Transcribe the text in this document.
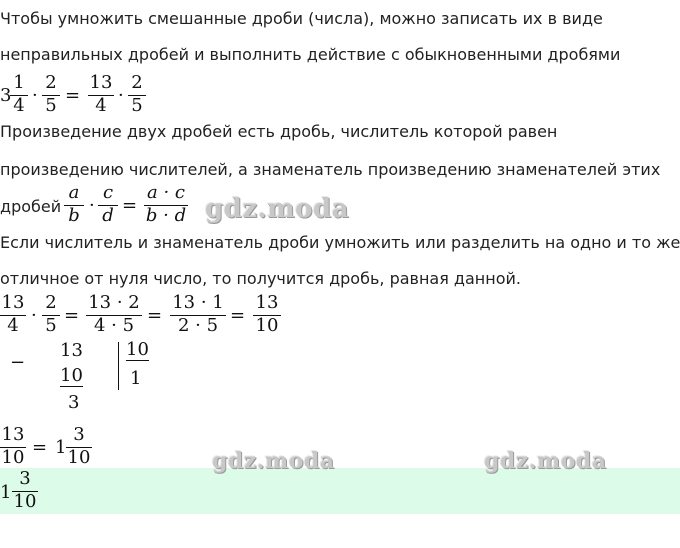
Чтобы умножить смешанные дроби (числа), можно записать их в виде
неправильных дробей и выполнить действие с обыкновенными дробями
3
1
4 ·
2
5 =
13
4 ·
2
5
Произведение двух дробей есть дробь, числитель которой равен
произведению числителей, а знаменатель произведению знаменателей этих
дробей
a
b ·
c
d =
a · c
b · d gdz.moda
Если числитель и знаменатель дроби умножить или разделить на одно и то же
отличное от нуля число, то получится дробь, равная данной.
13
4 ·
2
5 =
13 · 2
4 · 5 =
13 · 1
2 · 5 =
13
10
−
13
10
3
10
1
13
10 = 1
3
10	gdz.moda	gdz.moda
1
3
10
